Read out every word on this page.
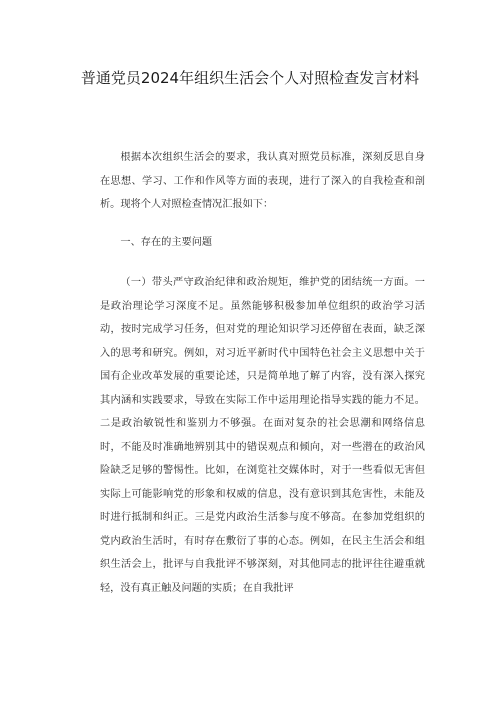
普通党员2024年组织生活会个人对照检查发言材料

根据本次组织生活会的要求，我认真对照党员标准，深刻反思自身在思想、学习、工作和作风等方面的表现，进行了深入的自我检查和剖析。现将个人对照检查情况汇报如下：

一、存在的主要问题

（一）带头严守政治纪律和政治规矩，维护党的团结统一方面。一是政治理论学习深度不足。虽然能够积极参加单位组织的政治学习活动，按时完成学习任务，但对党的理论知识学习还停留在表面，缺乏深入的思考和研究。例如，对习近平新时代中国特色社会主义思想中关于国有企业改革发展的重要论述，只是简单地了解了内容，没有深入探究其内涵和实践要求，导致在实际工作中运用理论指导实践的能力不足。二是政治敏锐性和鉴别力不够强。在面对复杂的社会思潮和网络信息时，不能及时准确地辨别其中的错误观点和倾向，对一些潜在的政治风险缺乏足够的警惕性。比如，在浏览社交媒体时，对于一些看似无害但实际上可能影响党的形象和权威的信息，没有意识到其危害性，未能及时进行抵制和纠正。三是党内政治生活参与度不够高。在参加党组织的党内政治生活时，有时存在敷衍了事的心态。例如，在民主生活会和组织生活会上，批评与自我批评不够深刻，对其他同志的批评往往避重就轻，没有真正触及问题的实质；在自我批评
